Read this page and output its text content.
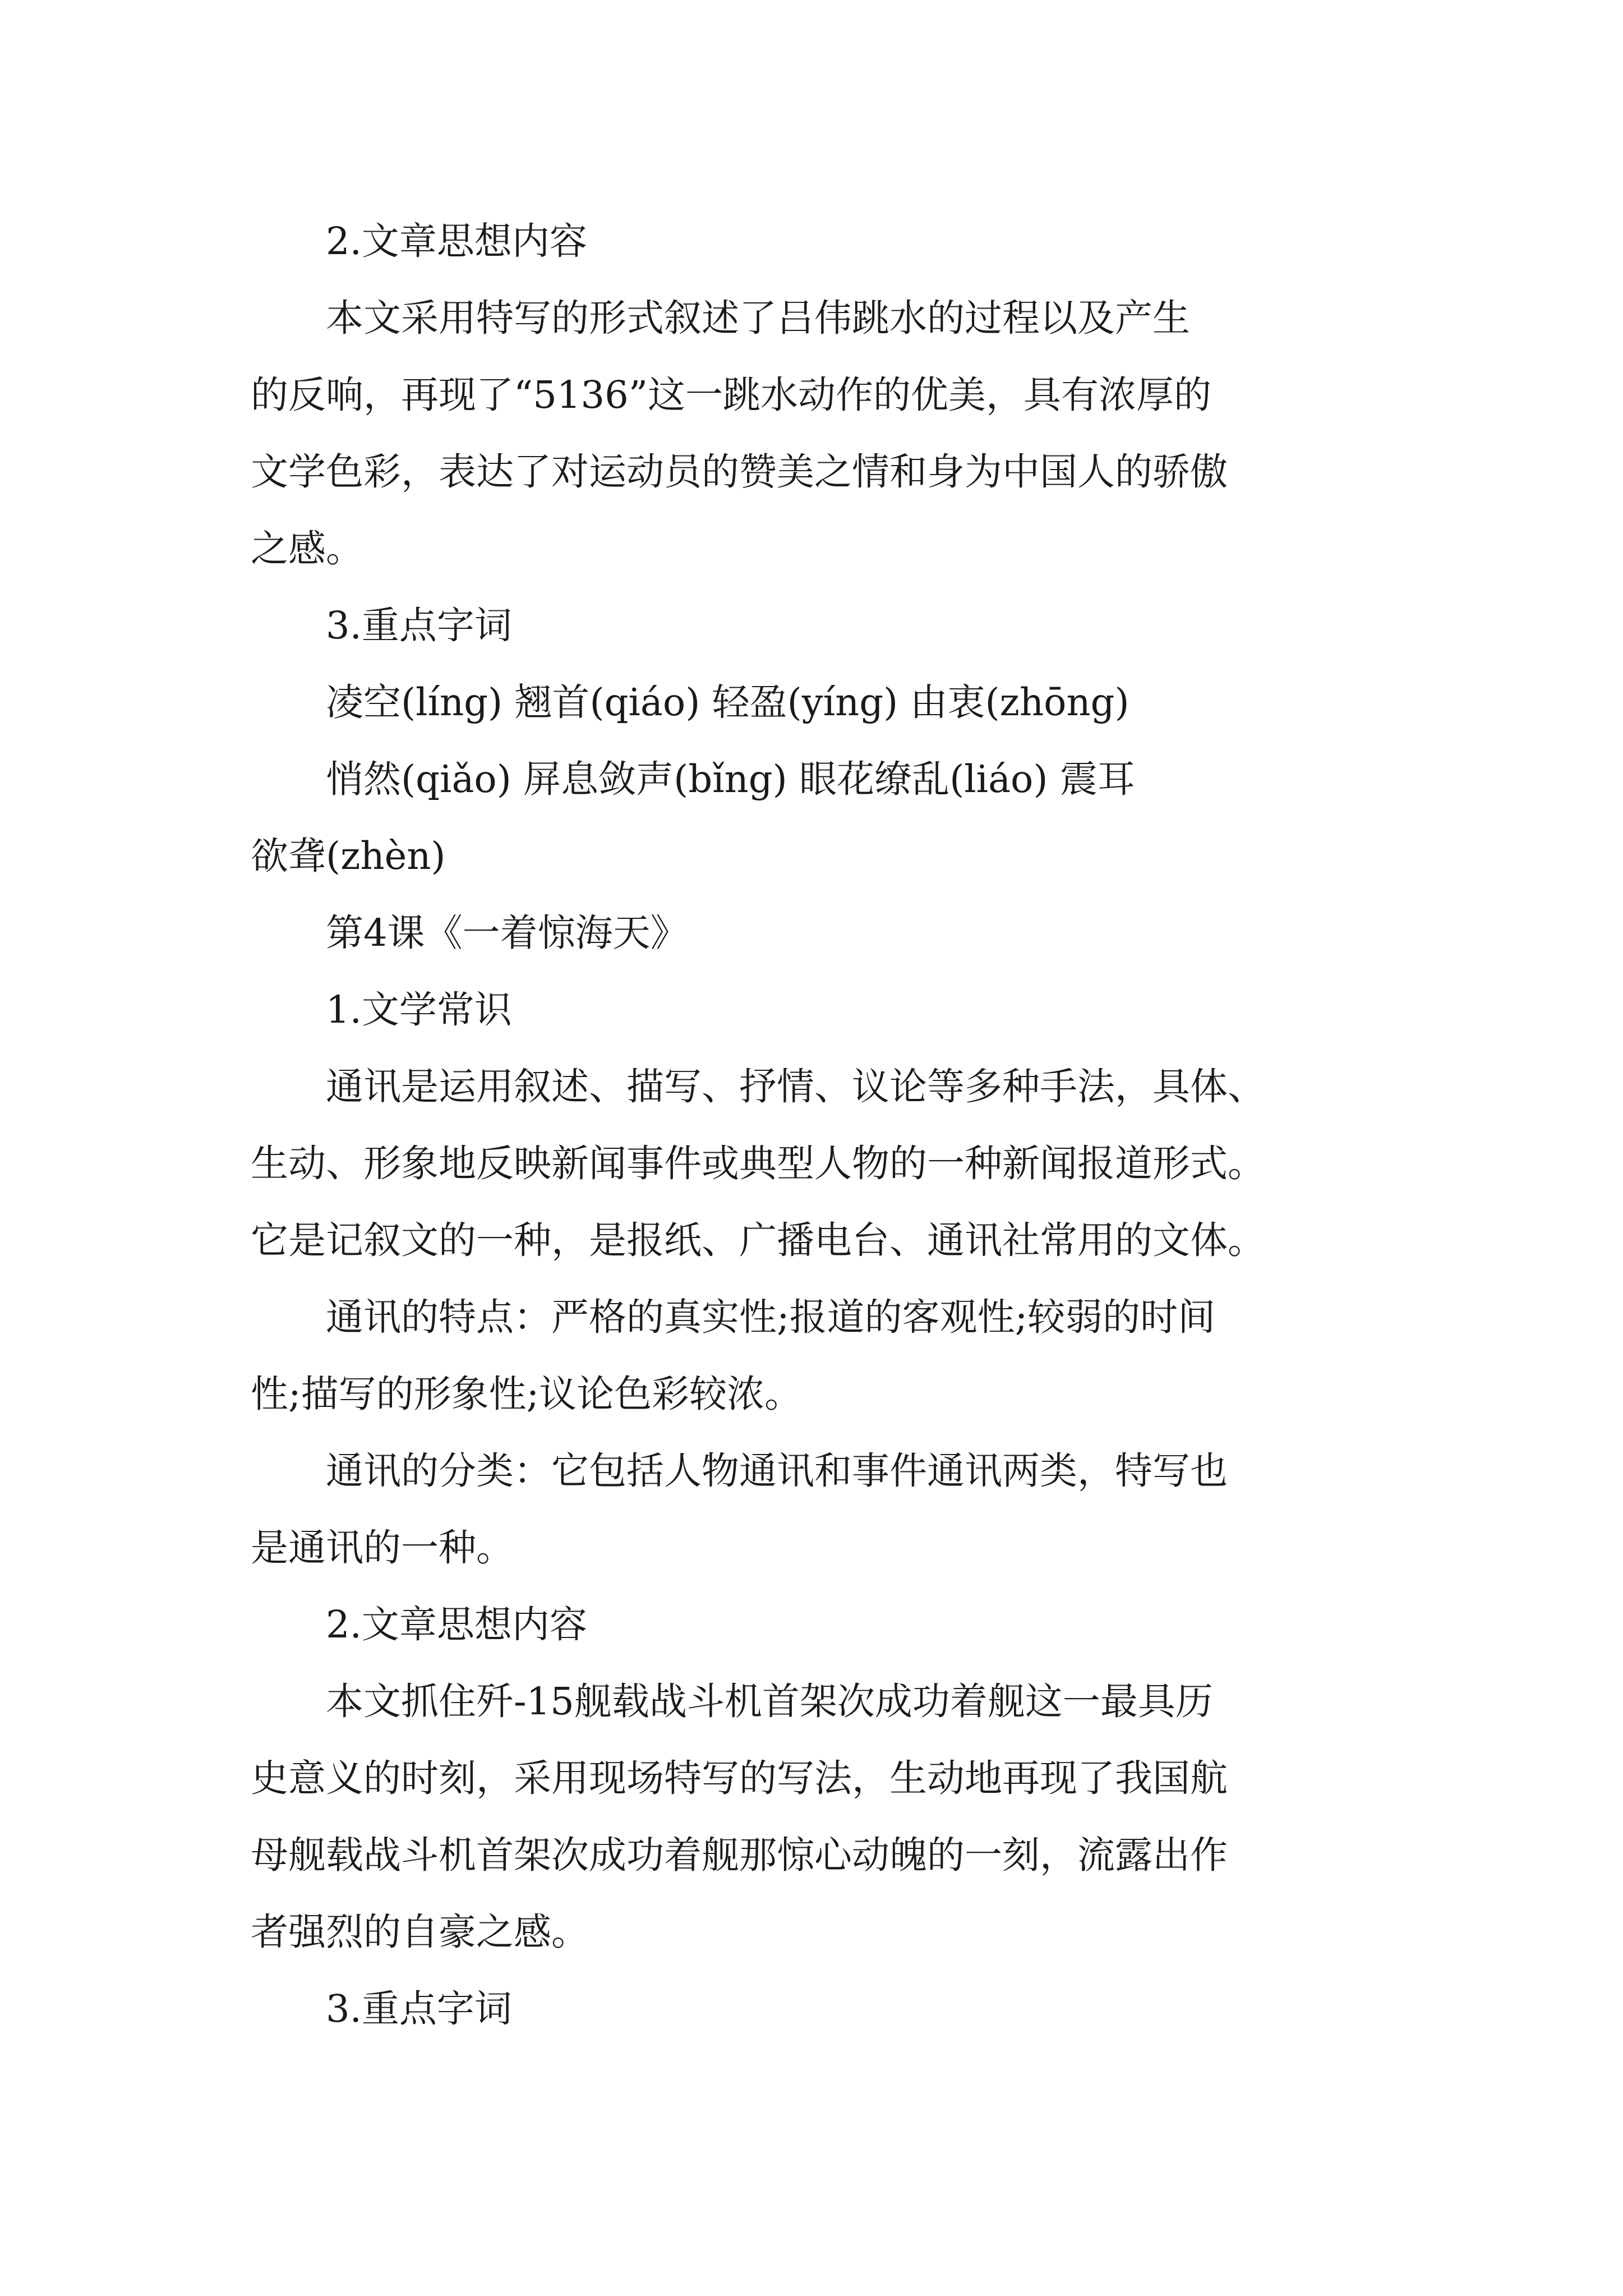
　　2.文章思想内容

　　本文采用特写的形式叙述了吕伟跳水的过程以及产生

的反响，再现了“5136”这一跳水动作的优美，具有浓厚的

文学色彩，表达了对运动员的赞美之情和身为中国人的骄傲

之感。

　　3.重点字词

　　凌空(líng) 翘首(qiáo) 轻盈(yíng) 由衷(zhōng)

　　悄然(qiǎo) 屏息敛声(bǐng) 眼花缭乱(liáo) 震耳

欲聋(zhèn)

　　第4课《一着惊海天》

　　1.文学常识

　　通讯是运用叙述、描写、抒情、议论等多种手法，具体、

生动、形象地反映新闻事件或典型人物的一种新闻报道形式。

它是记叙文的一种，是报纸、广播电台、通讯社常用的文体。

　　通讯的特点：严格的真实性;报道的客观性;较弱的时间

性;描写的形象性;议论色彩较浓。

　　通讯的分类：它包括人物通讯和事件通讯两类，特写也

是通讯的一种。

　　2.文章思想内容

　　本文抓住歼-15舰载战斗机首架次成功着舰这一最具历

史意义的时刻，采用现场特写的写法，生动地再现了我国航

母舰载战斗机首架次成功着舰那惊心动魄的一刻，流露出作

者强烈的自豪之感。

　　3.重点字词
